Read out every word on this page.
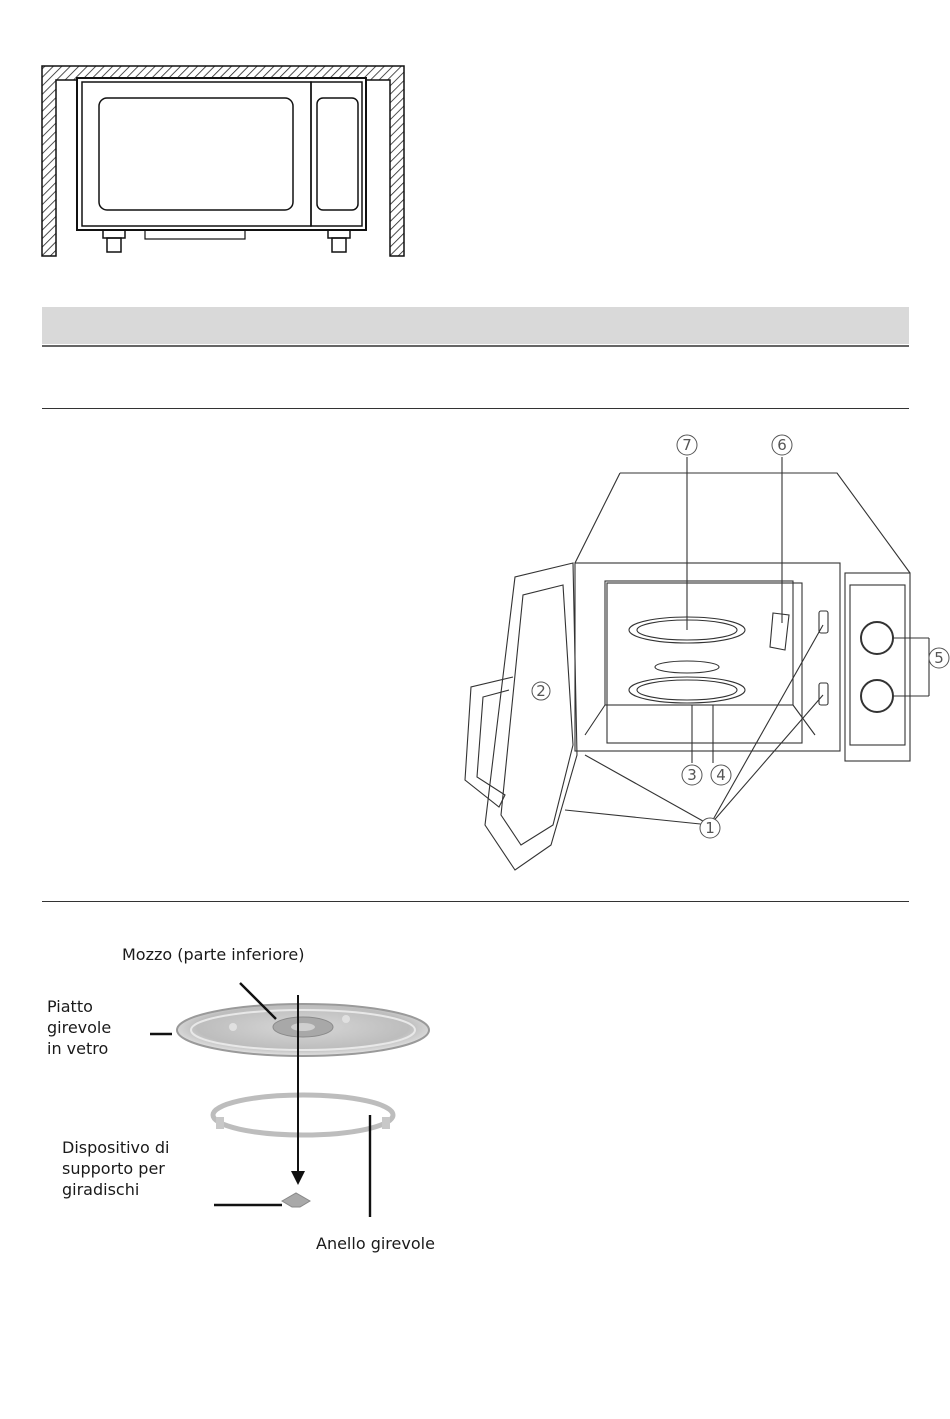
7	6
2
3 4
5
1
Mozzo (parte inferiore)
Piatto
girevole
in vetro
Dispositivo di
supporto per
giradischi
Anello girevole
